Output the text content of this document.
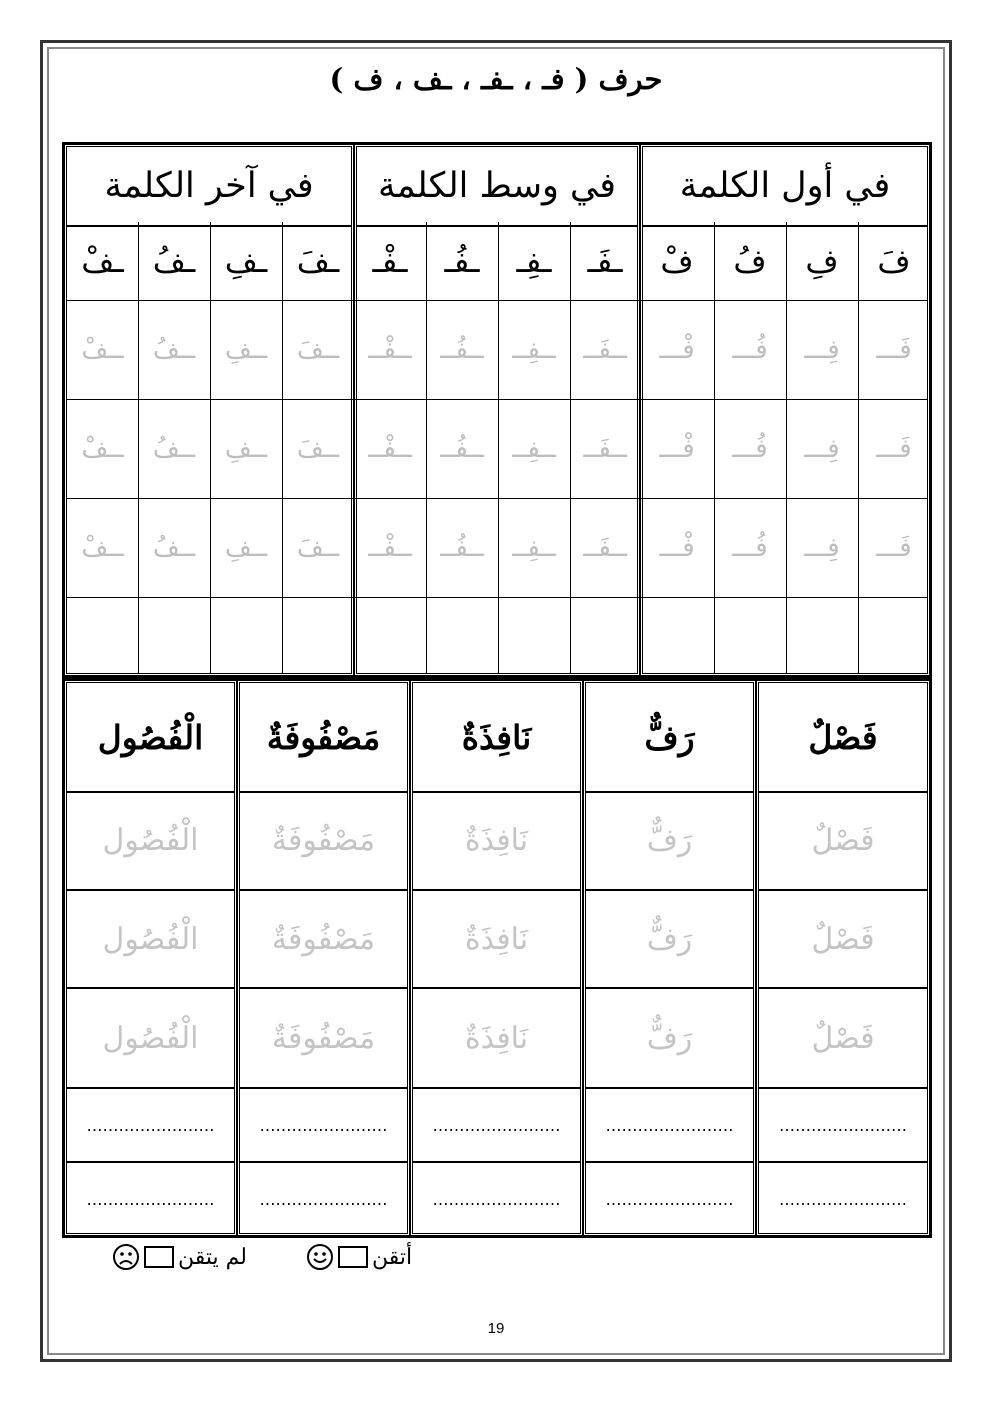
حرف ( فـ ، ـفـ ، ـف ، ف )
في آخر الكلمة	في وسط الكلمة	في أول الكلمة
فَ
فِ
فُ
فْ
ـفَـ
ـفِـ
ـفُـ
ـفْـ
ـفَ
ـفِ
ـفُ
ـفْ
فَـــ
فِـــ
فُـــ
فْـــ
ــفَــ
ــفِــ
ــفُــ
ــفْــ
ــفَ
ــفِ
ــفُ
ــفْ
فَـــ
فِـــ
فُـــ
فْـــ
ــفَــ
ــفِــ
ــفُــ
ــفْــ
ــفَ
ــفِ
ــفُ
ــفْ
فَـــ
فِـــ
فُـــ
فْـــ
ــفَــ
ــفِــ
ــفُــ
ــفْــ
ــفَ
ــفِ
ــفُ
ــفْ
فَصْلٌ
فَصْلٌ
فَصْلٌ
فَصْلٌ
……………………
……………………
رَفٌّ
رَفٌّ
رَفٌّ
رَفٌّ
……………………
……………………
نَافِذَةٌ
نَافِذَةٌ
نَافِذَةٌ
نَافِذَةٌ
……………………
……………………
مَصْفُوفَةٌ
مَصْفُوفَةٌ
مَصْفُوفَةٌ
مَصْفُوفَةٌ
……………………
……………………
الْفُصُول
الْفُصُول
الْفُصُول
الْفُصُول
……………………
……………………
أتقن
لم يتقن
19
